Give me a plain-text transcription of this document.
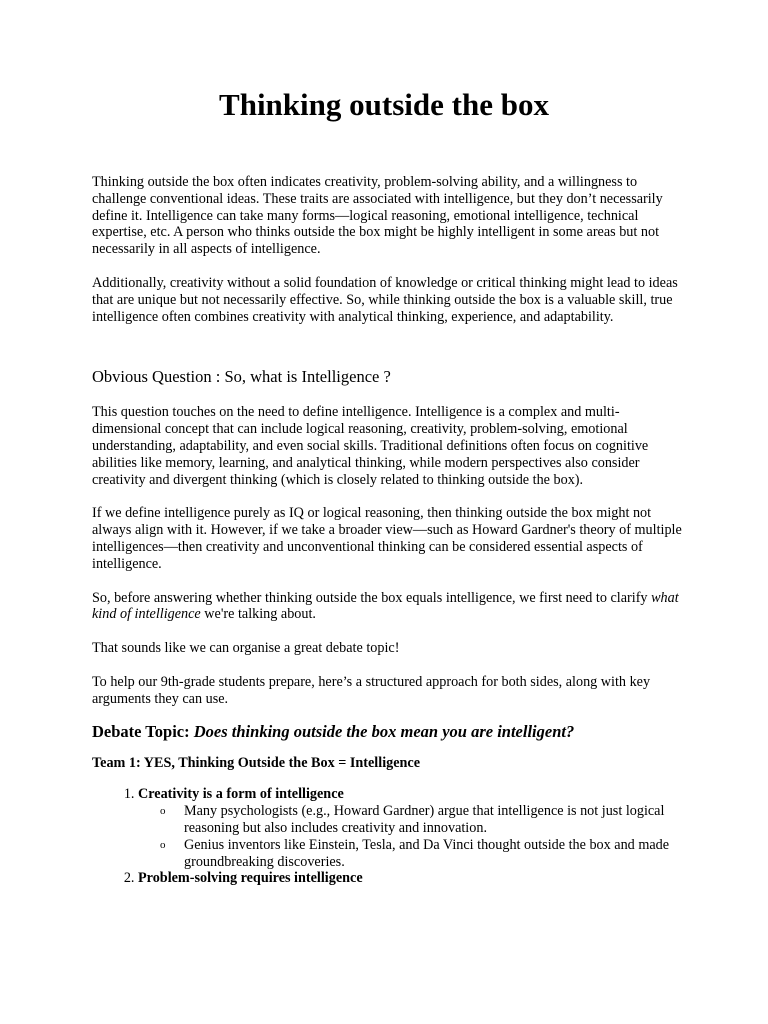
Thinking outside the box

Thinking outside the box often indicates creativity, problem-solving ability, and a willingness to challenge conventional ideas. These traits are associated with intelligence, but they don’t necessarily define it. Intelligence can take many forms—logical reasoning, emotional intelligence, technical expertise, etc. A person who thinks outside the box might be highly intelligent in some areas but not necessarily in all aspects of intelligence.

Additionally, creativity without a solid foundation of knowledge or critical thinking might lead to ideas that are unique but not necessarily effective. So, while thinking outside the box is a valuable skill, true intelligence often combines creativity with analytical thinking, experience, and adaptability.

Obvious Question : So, what is Intelligence ?

This question touches on the need to define intelligence. Intelligence is a complex and multi-dimensional concept that can include logical reasoning, creativity, problem-solving, emotional understanding, adaptability, and even social skills. Traditional definitions often focus on cognitive abilities like memory, learning, and analytical thinking, while modern perspectives also consider creativity and divergent thinking (which is closely related to thinking outside the box).

If we define intelligence purely as IQ or logical reasoning, then thinking outside the box might not always align with it. However, if we take a broader view—such as Howard Gardner's theory of multiple intelligences—then creativity and unconventional thinking can be considered essential aspects of intelligence.

So, before answering whether thinking outside the box equals intelligence, we first need to clarify what kind of intelligence we're talking about.

That sounds like we can organise a great debate topic!

To help our 9th-grade students prepare, here’s a structured approach for both sides, along with key arguments they can use.

Debate Topic: Does thinking outside the box mean you are intelligent?
Team 1: YES, Thinking Outside the Box = Intelligence
1. Creativity is a form of intelligence
o Many psychologists (e.g., Howard Gardner) argue that intelligence is not just logical reasoning but also includes creativity and innovation.
o Genius inventors like Einstein, Tesla, and Da Vinci thought outside the box and made groundbreaking discoveries.
2. Problem-solving requires intelligence
